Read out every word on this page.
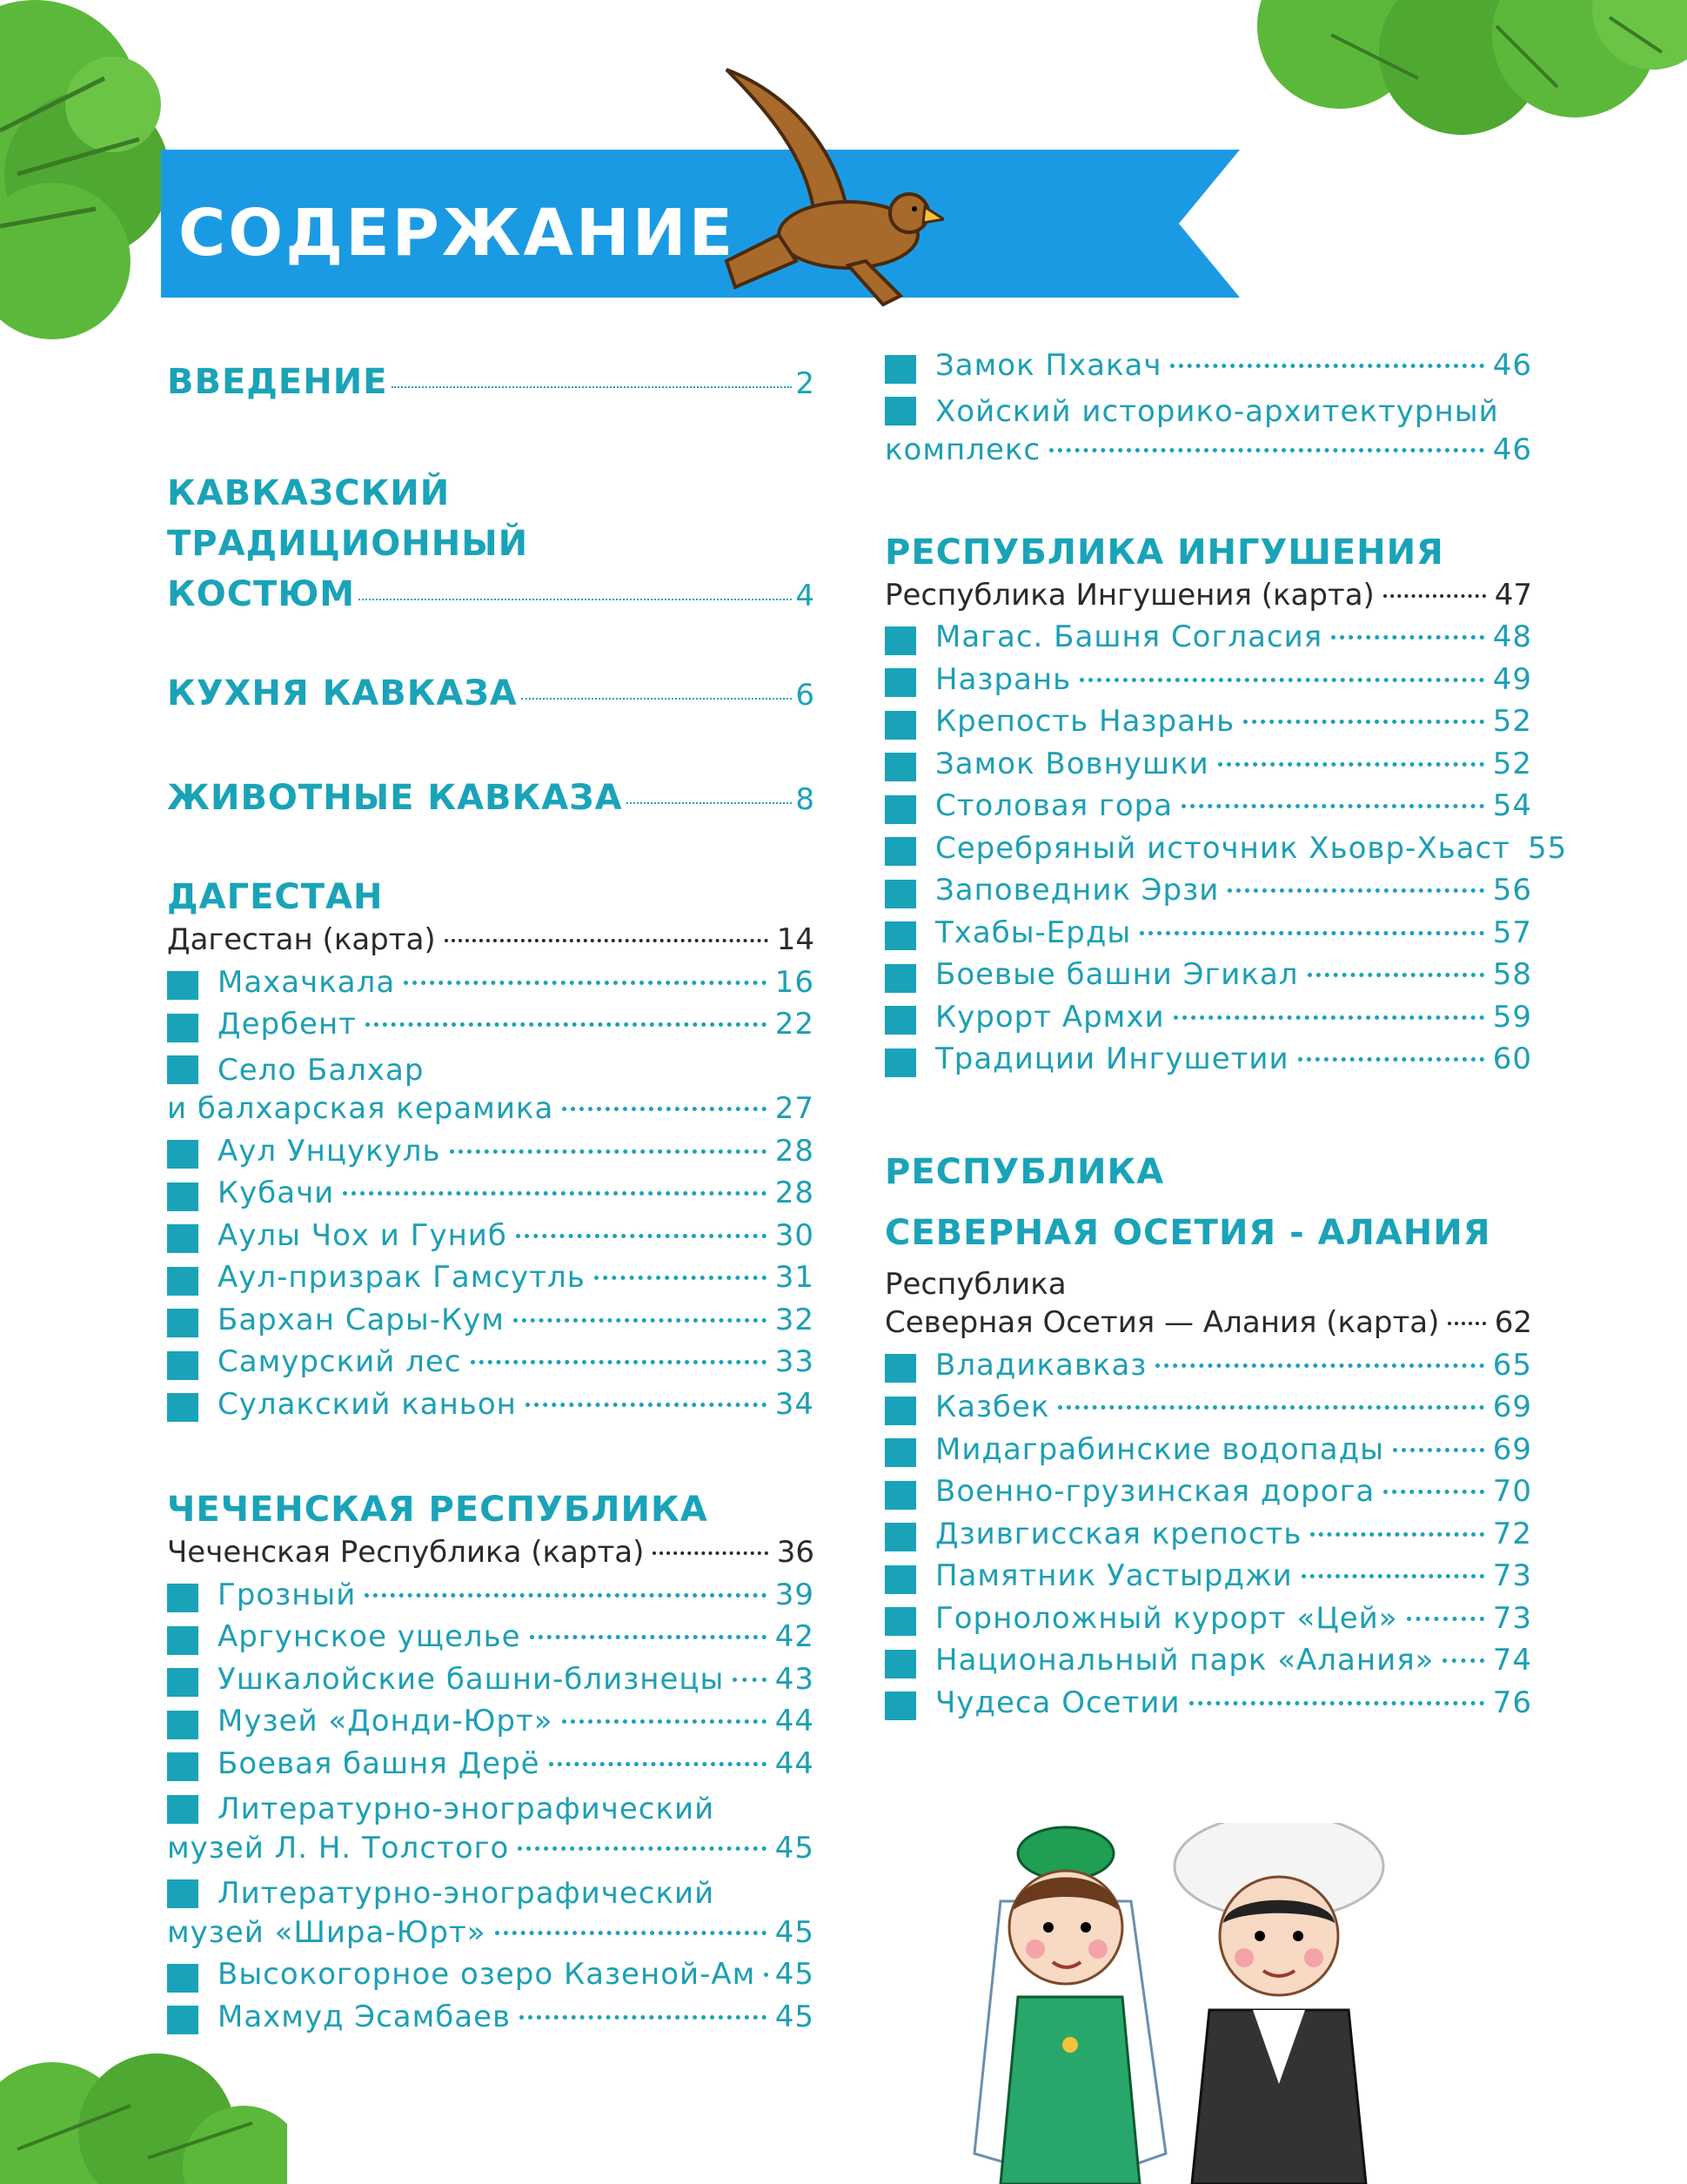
СОДЕРЖАНИЕ
ВВЕДЕНИЕ	2
КАВКАЗСКИЙ ТРАДИЦИОННЫЙ
КОСТЮМ	4
КУХНЯ КАВКАЗА	6
ЖИВОТНЫЕ КАВКАЗА	8
ДАГЕСТАН
Дагестан (карта)	14
Махачкала	16
Дербент	22
Село Балхар
и балхарская керамика	27
Аул Унцукуль	28
Кубачи	28
Аулы Чох и Гуниб	30
Аул-призрак Гамсутль	31
Бархан Сары-Кум	32
Самурский лес	33
Сулакский каньон	34
ЧЕЧЕНСКАЯ РЕСПУБЛИКА
Чеченская Республика (карта)	36
Грозный	39
Аргунское ущелье	42
Ушкалойские башни-близнецы 43
Музей «Донди-Юрт»	44
Боевая башня Дерё	44
Литературно-энографический
музей Л. Н. Толстого	45
Литературно-энографический
музей «Шира-Юрт»	45
Высокогорное озеро Казеной-Ам 45
Махмуд Эсамбаев	45
Замок Пхакач	46
Хойский историко-архитектурный
комплекс	46
РЕСПУБЛИКА ИНГУШЕНИЯ
Республика Ингушения (карта)	47
Магас. Башня Согласия	48
Назрань	49
Крепость Назрань	52
Замок Вовнушки	52
Столовая гора	54
Серебряный источник Хьовр-Хьаст 55
Заповедник Эрзи	56
Тхабы-Ерды	57
Боевые башни Эгикал	58
Курорт Армхи	59
Традиции Ингушетии	60
РЕСПУБЛИКА
СЕВЕРНАЯ ОСЕТИЯ - АЛАНИЯ
Республика
Северная Осетия — Алания (карта) 62
Владикавказ	65
Казбек	69
Мидаграбинские водопады	69
Военно-грузинская дорога	70
Дзивгисская крепость	72
Памятник Уастырджи	73
Горноложный курорт «Цей»	73
Национальный парк «Алания» 74
Чудеса Осетии	76
